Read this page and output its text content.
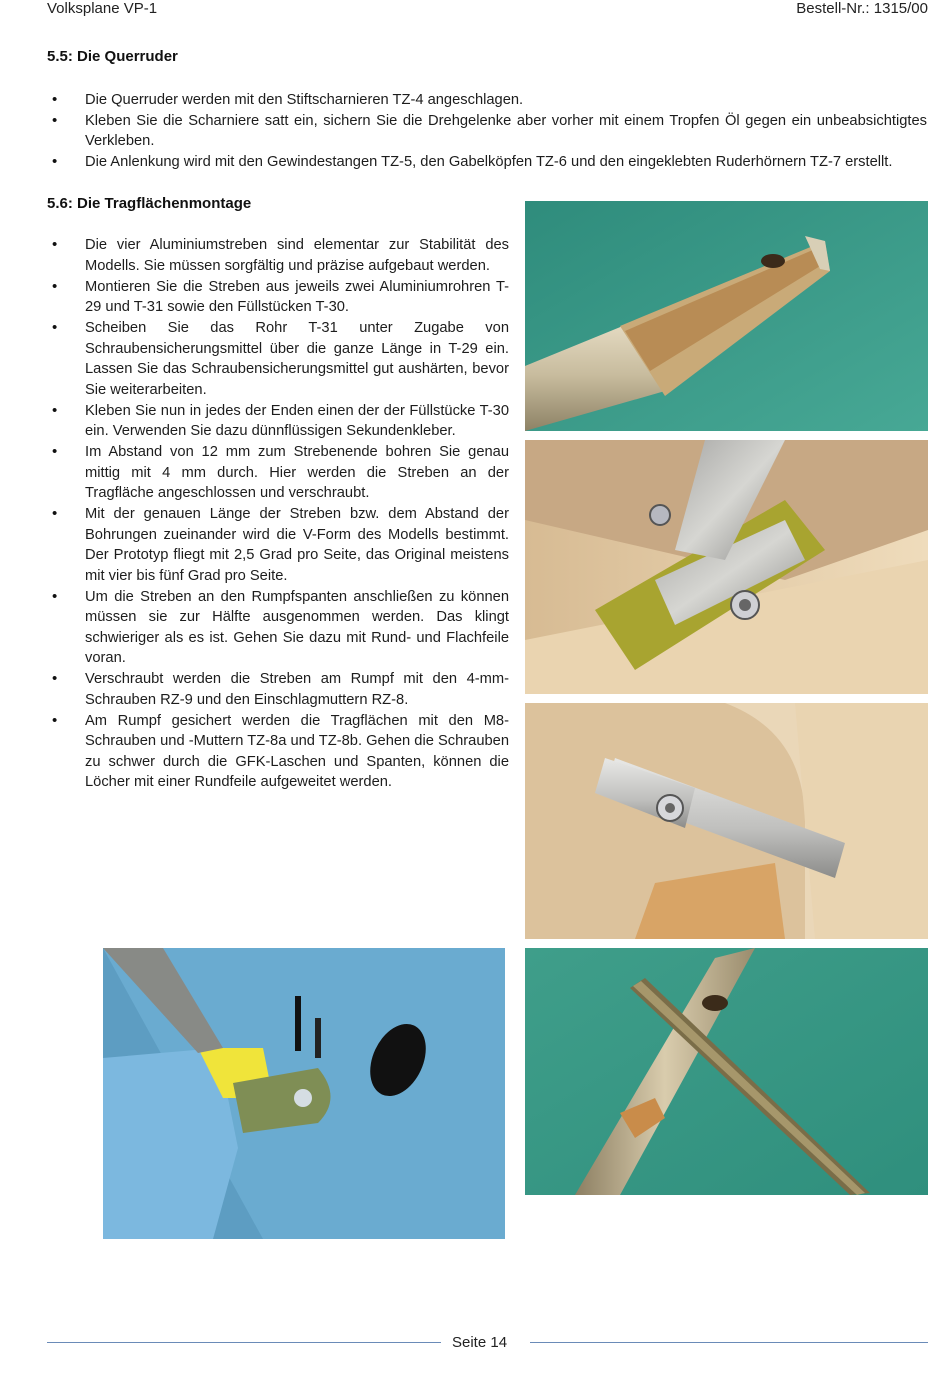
Volksplane VP-1	Bestell-Nr.: 1315/00
5.5: Die Querruder
• Die Querruder werden mit den Stiftscharnieren TZ-4 angeschlagen.
• Kleben Sie die Scharniere satt ein, sichern Sie die Drehgelenke aber vorher mit einem Tropfen Öl gegen ein unbeabsichtigtes Verkleben.
• Die Anlenkung wird mit den Gewindestangen TZ-5, den Gabelköpfen TZ-6 und den eingeklebten Ruderhörnern TZ-7 erstellt.
5.6: Die Tragflächenmontage
• Die vier Aluminiumstreben sind elementar zur Stabilität des Modells. Sie müssen sorgfältig und präzise aufgebaut werden.
• Montieren Sie die Streben aus jeweils zwei Aluminiumrohren T-29 und T-31 sowie den Füllstücken T-30.
• Scheiben Sie das Rohr T-31 unter Zugabe von Schraubensicherungsmittel über die ganze Länge in T-29 ein. Lassen Sie das Schraubensicherungsmittel gut aushärten, bevor Sie weiterarbeiten.
• Kleben Sie nun in jedes der Enden einen der der Füllstücke T-30 ein. Verwenden Sie dazu dünnflüssigen Sekundenkleber.
• Im Abstand von 12 mm zum Strebenende bohren Sie genau mittig mit 4 mm durch. Hier werden die Streben an der Tragfläche angeschlossen und verschraubt.
• Mit der genauen Länge der Streben bzw. dem Abstand der Bohrungen zueinander wird die V-Form des Modells bestimmt. Der Prototyp fliegt mit 2,5 Grad pro Seite, das Original meistens mit vier bis fünf Grad pro Seite.
• Um die Streben an den Rumpfspanten anschließen zu können müssen sie zur Hälfte ausgenommen werden. Das klingt schwieriger als es ist. Gehen Sie dazu mit Rund- und Flachfeile voran.
• Verschraubt werden die Streben am Rumpf mit den 4-mm-Schrauben RZ-9 und den Einschlagmuttern RZ-8.
• Am Rumpf gesichert werden die Tragflächen mit den M8-Schrauben und -Muttern TZ-8a und TZ-8b. Gehen die Schrauben zu schwer durch die GFK-Laschen und Spanten, können die Löcher mit einer Rundfeile aufgeweitet werden.
Seite 14
